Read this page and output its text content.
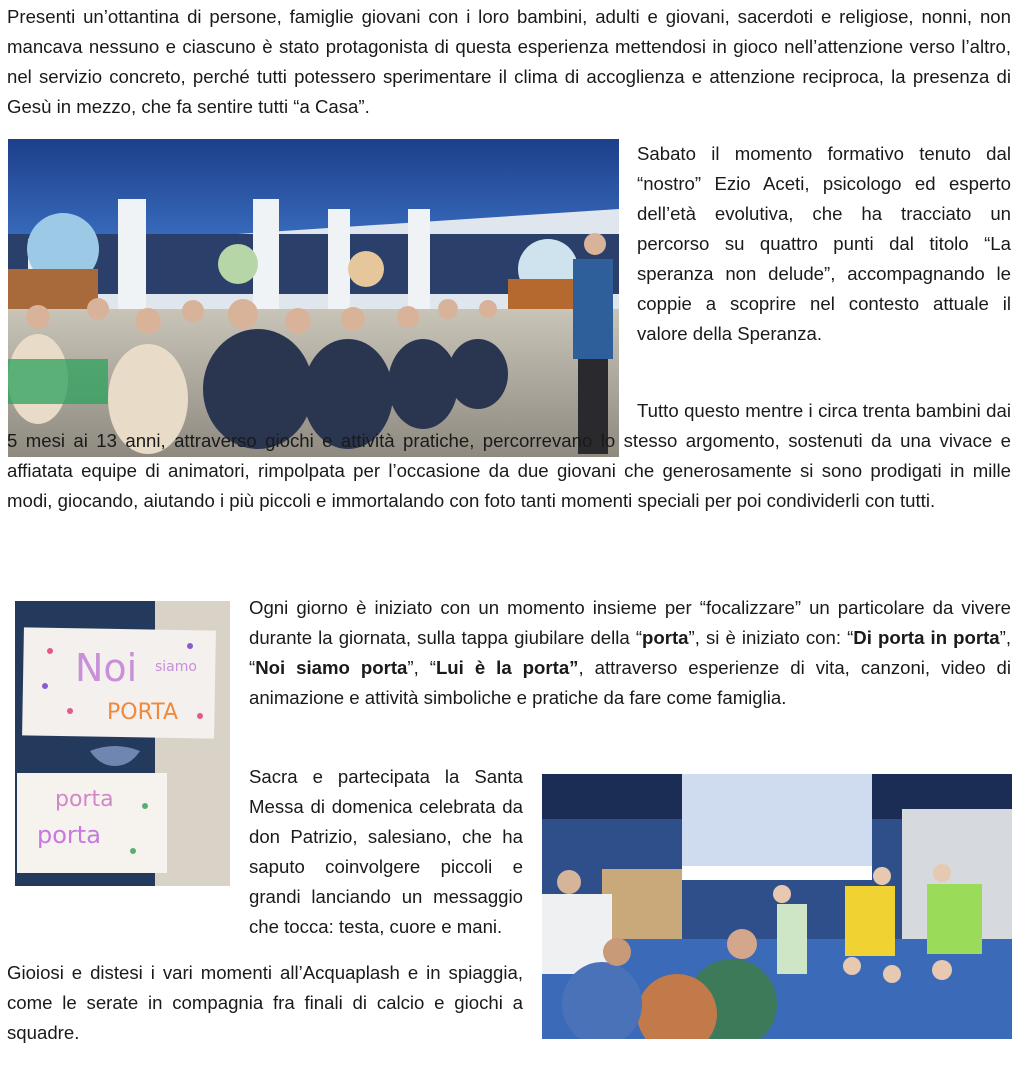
Presenti un’ottantina di persone, famiglie giovani con i loro bambini, adulti e giovani, sacerdoti e religiose, nonni, non mancava nessuno e ciascuno è stato protagonista di questa esperienza mettendosi in gioco nell’attenzione verso l’altro, nel servizio concreto, perché tutti potessero sperimentare il clima di accoglienza e attenzione reciproca, la presenza di Gesù in mezzo, che fa sentire tutti “a Casa”.

Sabato il momento formativo tenuto dal “nostro” Ezio Aceti, psicologo ed esperto dell’età evolutiva, che ha tracciato un percorso su quattro punti dal titolo “La speranza non delude”, accompagnando le coppie a scoprire nel contesto attuale il valore della Speranza.

Tutto questo mentre i circa trenta bambini dai 5 mesi ai 13 anni, attraverso giochi e attività pratiche, percorrevano lo stesso argomento, sostenuti da una vivace e affiatata equipe di animatori, rimpolpata per l’occasione da due giovani che generosamente si sono prodigati in mille modi, giocando, aiutando i più piccoli e immortalando con foto tanti momenti speciali per poi condividerli con tutti.

Noi siamo
PORTA
porta
porta

Ogni giorno è iniziato con un momento insieme per “focalizzare” un particolare da vivere durante la giornata, sulla tappa giubilare della “porta”, si è iniziato con: “Di porta in porta”, “Noi siamo porta”, “Lui è la porta”, attraverso esperienze di vita, canzoni, video di animazione e attività simboliche e pratiche da fare come famiglia.

Sacra e partecipata la Santa Messa di domenica celebrata da don Patrizio, salesiano, che ha saputo coinvolgere piccoli e grandi lanciando un messaggio che tocca: testa, cuore e mani.

Gioiosi e distesi i vari momenti all’Acquaplash e in spiaggia, come le serate in compagnia fra finali di calcio e giochi a squadre.
